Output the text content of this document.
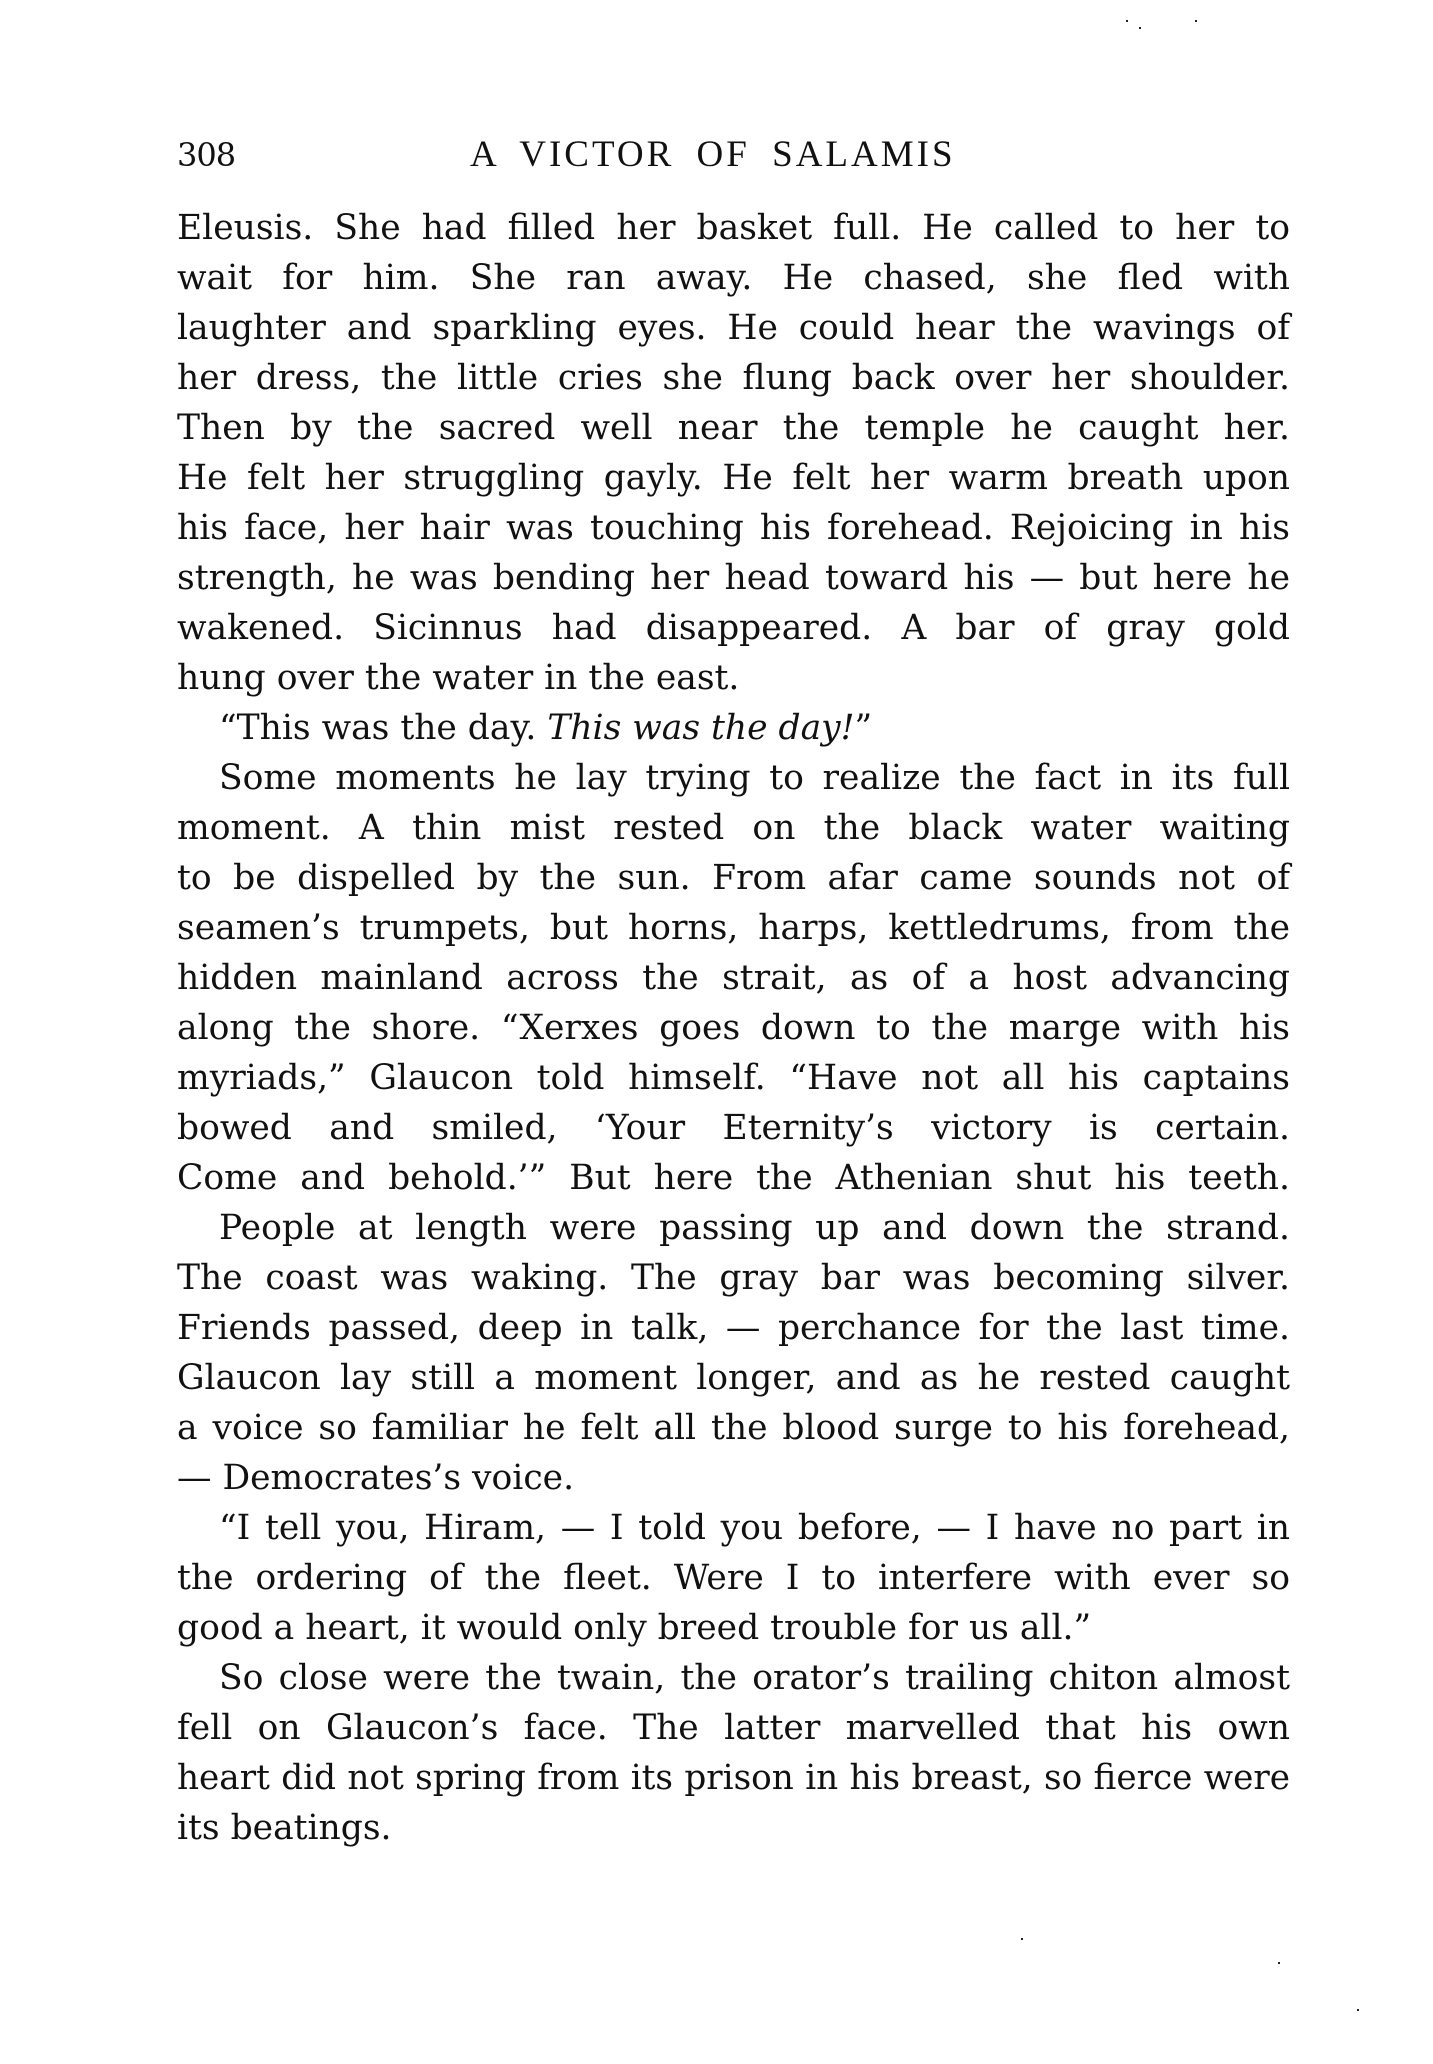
308	A VICTOR OF SALAMIS
Eleusis. She had filled her basket full. He called to her to
wait for him. She ran away. He chased, she fled with
laughter and sparkling eyes. He could hear the wavings of
her dress, the little cries she flung back over her shoulder.
Then by the sacred well near the temple he caught her.
He felt her struggling gayly. He felt her warm breath upon
his face, her hair was touching his forehead. Rejoicing in his
strength, he was bending her head toward his — but here he
wakened. Sicinnus had disappeared. A bar of gray gold
hung over the water in the east.
“This was the day. This was the day!”
Some moments he lay trying to realize the fact in its full
moment. A thin mist rested on the black water waiting
to be dispelled by the sun. From afar came sounds not of
seamen’s trumpets, but horns, harps, kettledrums, from the
hidden mainland across the strait, as of a host advancing
along the shore. “Xerxes goes down to the marge with his
myriads,” Glaucon told himself. “Have not all his captains
bowed and smiled, ‘Your Eternity’s victory is certain.
Come and behold.’” But here the Athenian shut his teeth.
People at length were passing up and down the strand.
The coast was waking. The gray bar was becoming silver.
Friends passed, deep in talk, — perchance for the last time.
Glaucon lay still a moment longer, and as he rested caught
a voice so familiar he felt all the blood surge to his forehead,
— Democrates’s voice.
“I tell you, Hiram, — I told you before, — I have no part in
the ordering of the fleet. Were I to interfere with ever so
good a heart, it would only breed trouble for us all.”
So close were the twain, the orator’s trailing chiton almost
fell on Glaucon’s face. The latter marvelled that his own
heart did not spring from its prison in his breast, so fierce were
its beatings.
